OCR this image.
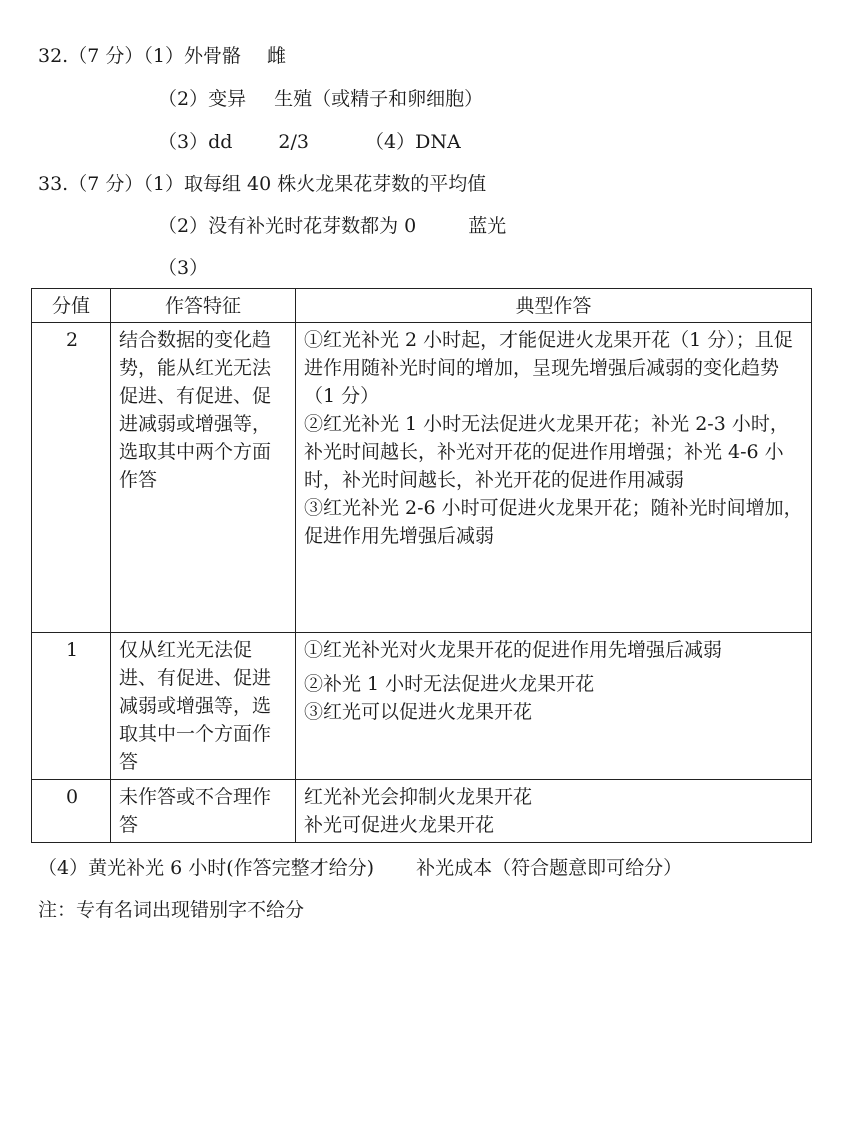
32.（7 分）（1）外骨骼 雌
（2）变异 生殖（或精子和卵细胞）
（3）dd 2/3	（4）DNA
33.（7 分）（1）取每组 40 株火龙果花芽数的平均值
（2）没有补光时花芽数都为 0	蓝光
（3）
分值	作答特征	典型作答
2	结合数据的变化趋势，能从红光无法促进、有促进、促进减弱或增强等，选取其中两个方面作答	①红光补光 2 小时起，才能促进火龙果开花（1 分）；且促进作用随补光时间的增加，呈现先增强后减弱的变化趋势（1 分）
②红光补光 1 小时无法促进火龙果开花；补光 2-3 小时，补光时间越长，补光对开花的促进作用增强；补光 4-6 小时，补光时间越长，补光开花的促进作用减弱
③红光补光 2-6 小时可促进火龙果开花；随补光时间增加，促进作用先增强后减弱

1	仅从红光无法促进、有促进、促进减弱或增强等，选取其中一个方面作答	①红光补光对火龙果开花的促进作用先增强后减弱
②补光 1 小时无法促进火龙果开花
③红光可以促进火龙果开花

0	未作答或不合理作答	红光补光会抑制火龙果开花
补光可促进火龙果开花
（4）黄光补光 6 小时(作答完整才给分) 补光成本（符合题意即可给分）
注：专有名词出现错别字不给分
